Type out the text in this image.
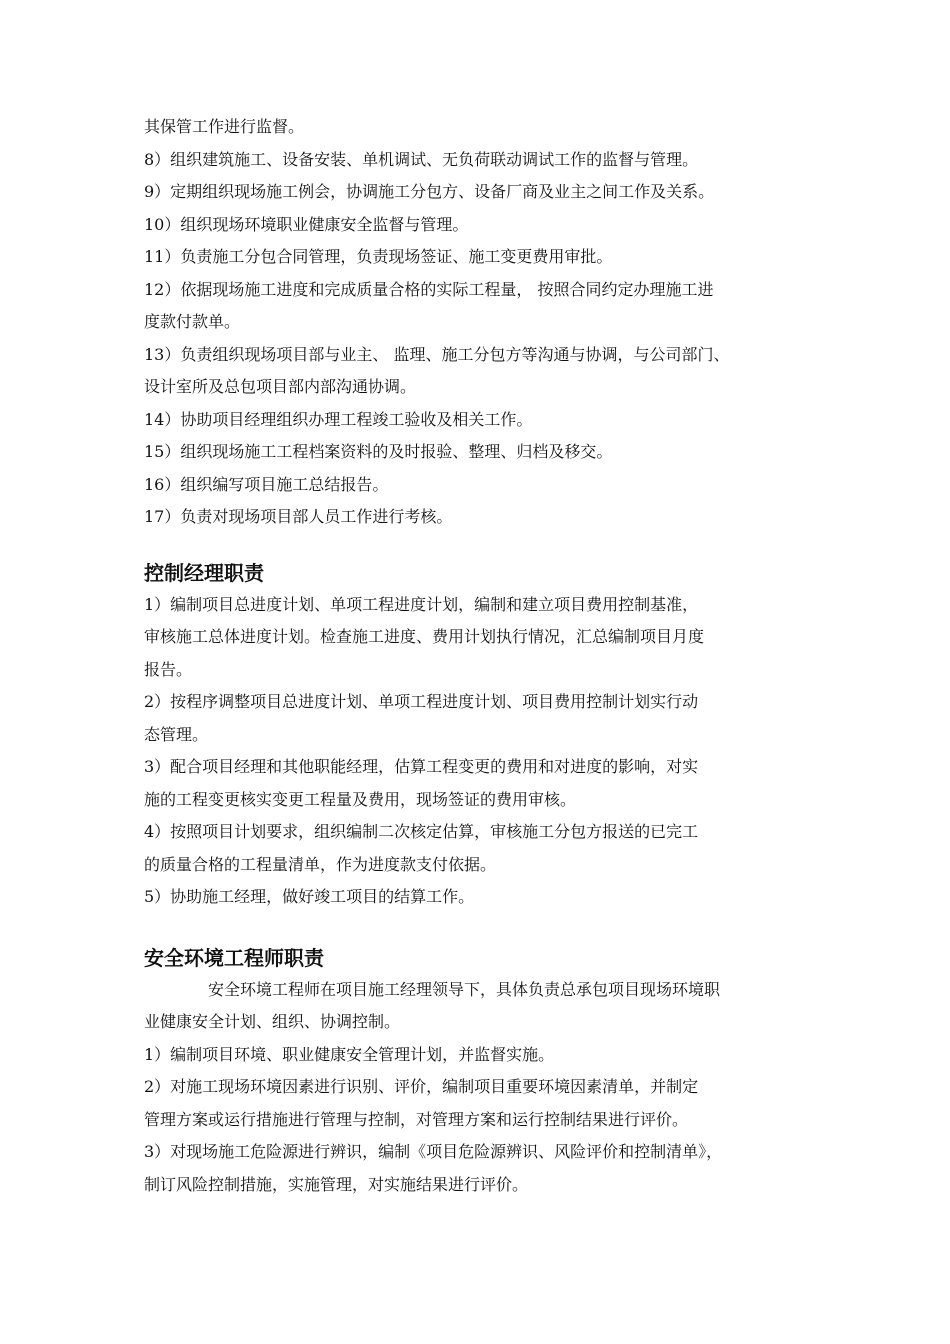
其保管工作进行监督。

8）组织建筑施工、设备安装、单机调试、无负荷联动调试工作的监督与管理。

9）定期组织现场施工例会，协调施工分包方、设备厂商及业主之间工作及关系。

10）组织现场环境职业健康安全监督与管理。

11）负责施工分包合同管理，负责现场签证、施工变更费用审批。

12）依据现场施工进度和完成质量合格的实际工程量， 按照合同约定办理施工进

度款付款单。

13）负责组织现场项目部与业主、 监理、施工分包方等沟通与协调，与公司部门、

设计室所及总包项目部内部沟通协调。

14）协助项目经理组织办理工程竣工验收及相关工作。

15）组织现场施工工程档案资料的及时报验、整理、归档及移交。

16）组织编写项目施工总结报告。

17）负责对现场项目部人员工作进行考核。

控制经理职责

1）编制项目总进度计划、单项工程进度计划，编制和建立项目费用控制基准，

审核施工总体进度计划。检查施工进度、费用计划执行情况，汇总编制项目月度

报告。

2）按程序调整项目总进度计划、单项工程进度计划、项目费用控制计划实行动

态管理。

3）配合项目经理和其他职能经理，估算工程变更的费用和对进度的影响，对实

施的工程变更核实变更工程量及费用，现场签证的费用审核。

4）按照项目计划要求，组织编制二次核定估算，审核施工分包方报送的已完工

的质量合格的工程量清单，作为进度款支付依据。

5）协助施工经理，做好竣工项目的结算工作。

安全环境工程师职责

安全环境工程师在项目施工经理领导下，具体负责总承包项目现场环境职

业健康安全计划、组织、协调控制。

1）编制项目环境、职业健康安全管理计划，并监督实施。

2）对施工现场环境因素进行识别、评价，编制项目重要环境因素清单，并制定

管理方案或运行措施进行管理与控制，对管理方案和运行控制结果进行评价。

3）对现场施工危险源进行辨识，编制《项目危险源辨识、风险评价和控制清单》，

制订风险控制措施，实施管理，对实施结果进行评价。
